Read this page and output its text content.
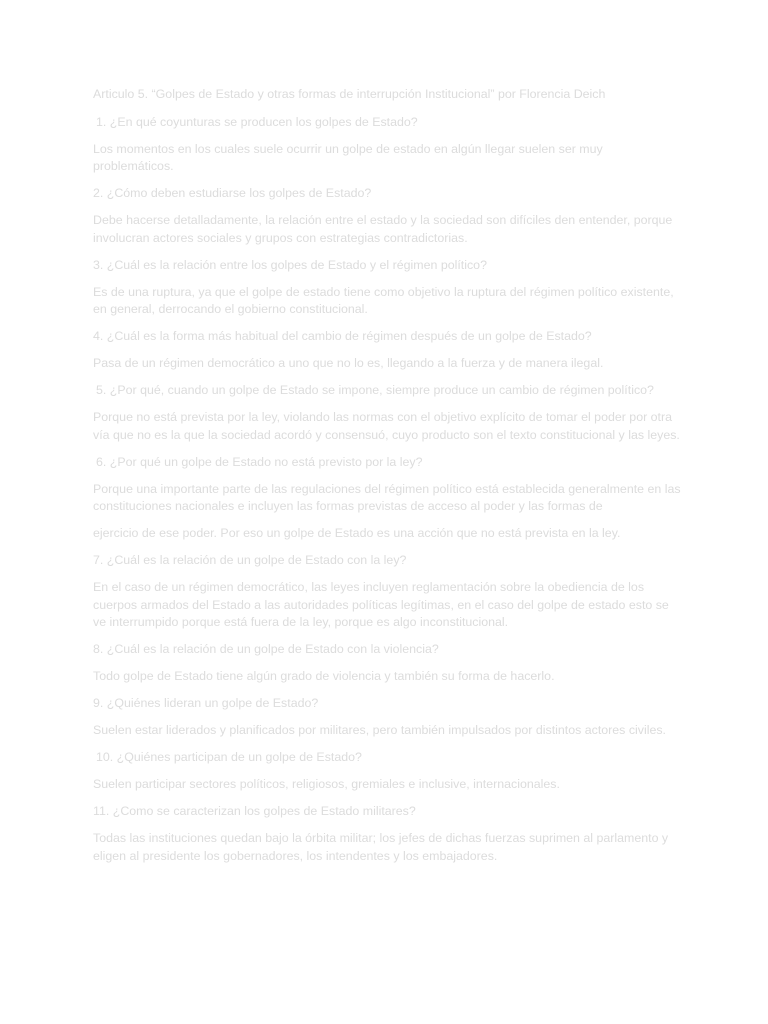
Articulo 5. “Golpes de Estado y otras formas de interrupción Institucional” por Florencia Deich

1. ¿En qué coyunturas se producen los golpes de Estado?

Los momentos en los cuales suele ocurrir un golpe de estado en algún llegar suelen ser muy problemáticos.

2. ¿Cómo deben estudiarse los golpes de Estado?

Debe hacerse detalladamente, la relación entre el estado y la sociedad son difíciles den entender, porque involucran actores sociales y grupos con estrategias contradictorias.

3. ¿Cuál es la relación entre los golpes de Estado y el régimen político?

Es de una ruptura, ya que el golpe de estado tiene como objetivo la ruptura del régimen político existente, en general, derrocando el gobierno constitucional.

4. ¿Cuál es la forma más habitual del cambio de régimen después de un golpe de Estado?

Pasa de un régimen democrático a uno que no lo es, llegando a la fuerza y de manera ilegal.

5. ¿Por qué, cuando un golpe de Estado se impone, siempre produce un cambio de régimen político?

Porque no está prevista por la ley, violando las normas con el objetivo explícito de tomar el poder por otra vía que no es la que la sociedad acordó y consensuó, cuyo producto son el texto constitucional y las leyes.

6. ¿Por qué un golpe de Estado no está previsto por la ley?

Porque una importante parte de las regulaciones del régimen político está establecida generalmente en las constituciones nacionales e incluyen las formas previstas de acceso al poder y las formas de

ejercicio de ese poder. Por eso un golpe de Estado es una acción que no está prevista en la ley.

7. ¿Cuál es la relación de un golpe de Estado con la ley?

En el caso de un régimen democrático, las leyes incluyen reglamentación sobre la obediencia de los cuerpos armados del Estado a las autoridades políticas legítimas, en el caso del golpe de estado esto se ve interrumpido porque está fuera de la ley, porque es algo inconstitucional.

8. ¿Cuál es la relación de un golpe de Estado con la violencia?

Todo golpe de Estado tiene algún grado de violencia y también su forma de hacerlo.

9. ¿Quiénes lideran un golpe de Estado?

Suelen estar liderados y planificados por militares, pero también impulsados por distintos actores civiles.

10. ¿Quiénes participan de un golpe de Estado?

Suelen participar sectores políticos, religiosos, gremiales e inclusive, internacionales.

11. ¿Como se caracterizan los golpes de Estado militares?

Todas las instituciones quedan bajo la órbita militar; los jefes de dichas fuerzas suprimen al parlamento y eligen al presidente los gobernadores, los intendentes y los embajadores.
